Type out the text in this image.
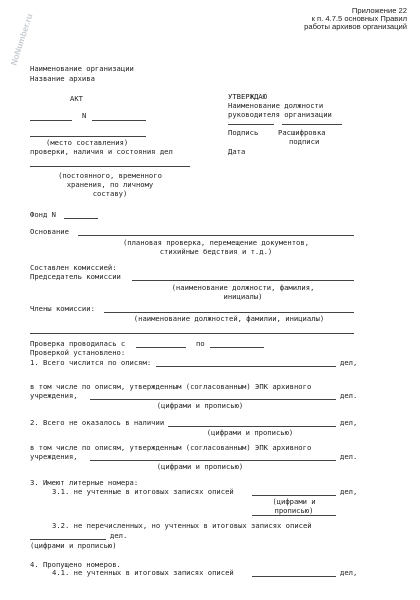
NoNumber.ru
Приложение 22
к п. 4.7.5 основных Правил
работы архивов организаций
Наименование организации
Название архива
АКТ
N
(место составления)
проверки, наличия и состояния дел
(постоянного, временного
хранения, по личному
составу)
УТВЕРЖДАЮ
Наименование должности
руководителя организации
Подпись	Расшифровка
подписи
Дата
Фонд N
Основание
(плановая проверка, перемещение документов,
стихийные бедствия и т.д.)
Составлен комиссией:
Председатель комиссии
(наименование должности, фамилия,
инициалы)
Члены комиссии:
(наименование должностей, фамилии, инициалы)
Проверка проводилась с	по
Проверкой установлено:
1. Всего числится по описям:	дел,
в том числе по описям, утвержденным (согласованным) ЭПК архивного
учреждения,	дел.
(цифрами и прописью)
2. Всего не оказалось в наличии	дел,
(цифрами и прописью)
в том числе по описям, утвержденным (согласованным) ЭПК архивного
учреждения,	дел.
(цифрами и прописью)
3. Имеют литерные номера:
3.1. не учтенные в итоговых записях описей	дел,
(цифрами и
прописью)
3.2. не перечисленных, но учтенных в итоговых записях описей
дел.
(цифрами и прописью)
4. Пропущено номеров.
4.1. не учтенных в итоговых записях описей	дел,
